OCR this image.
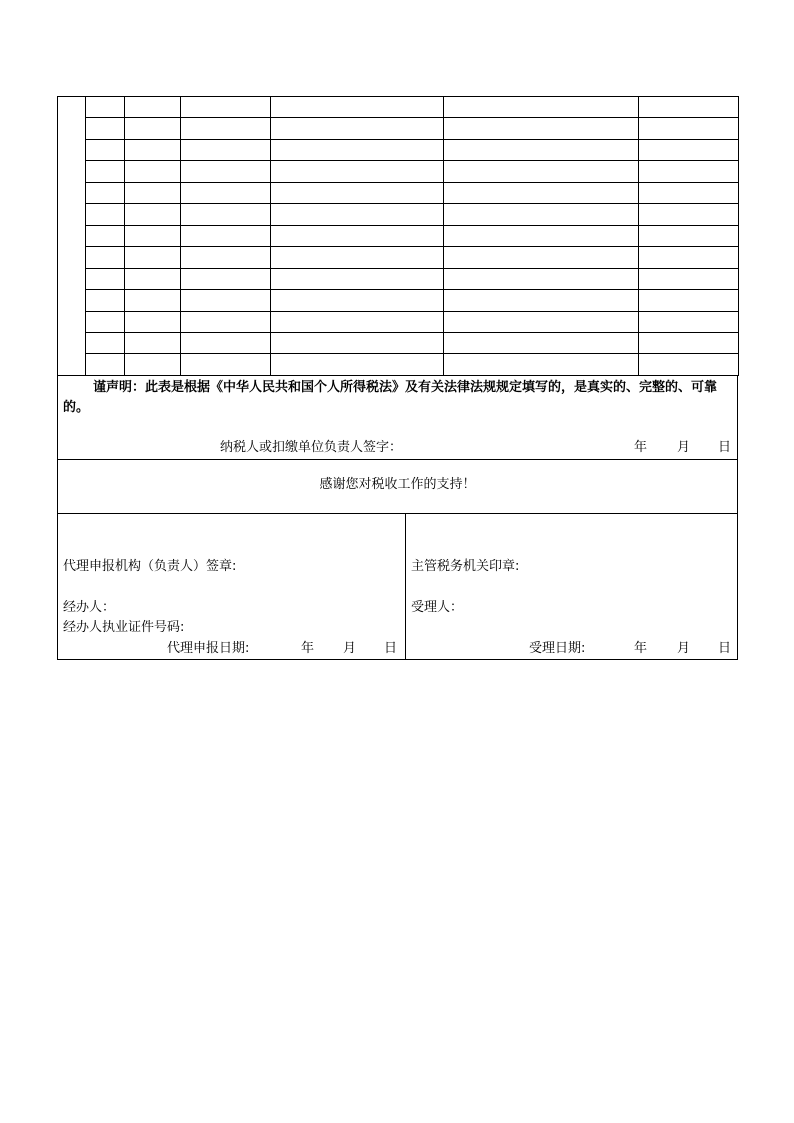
谨声明：此表是根据《中华人民共和国个人所得税法》及有关法律法规规定填写的，是真实的、完整的、可靠的。
纳税人或扣缴单位负责人签字：	年 月 日
感谢您对税收工作的支持！
代理申报机构（负责人）签章:
经办人：
经办人执业证件号码:
代理申报日期:	年 月 日
主管税务机关印章:
受理人：
受理日期:	年 月 日
